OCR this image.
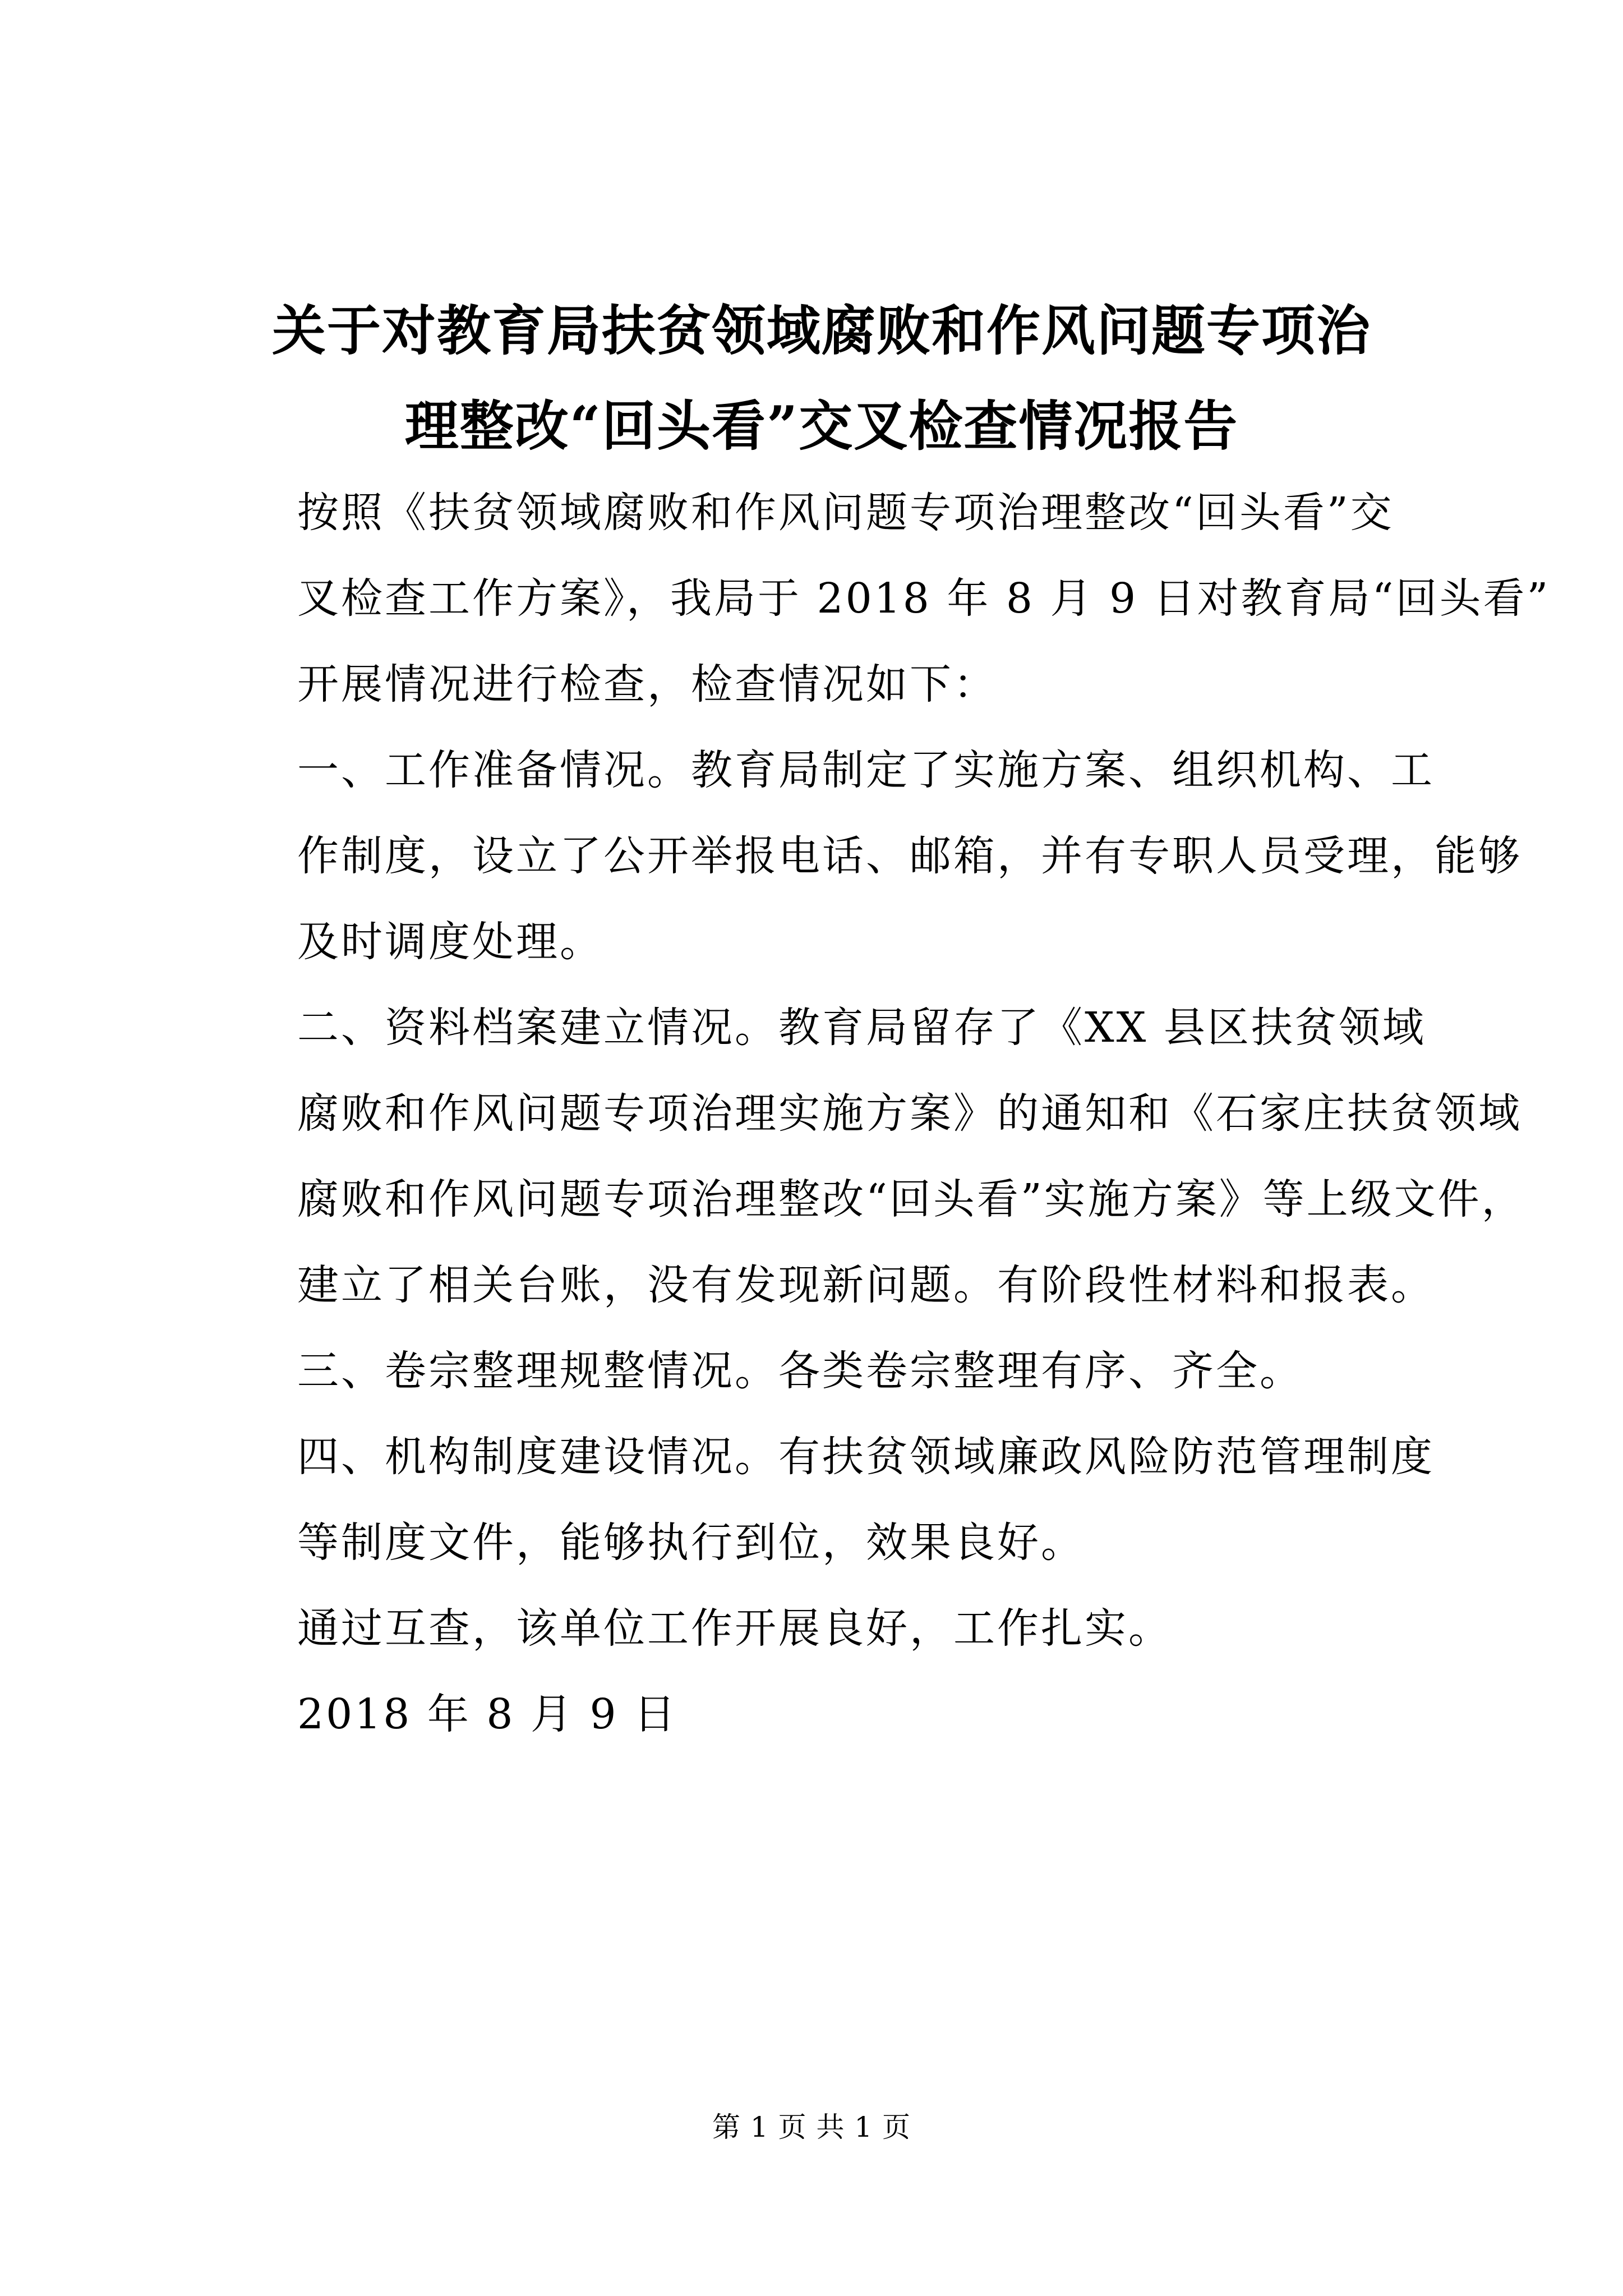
关于对教育局扶贫领域腐败和作风问题专项治
理整改“回头看”交叉检查情况报告

按照《扶贫领域腐败和作风问题专项治理整改“回头看”交
叉检查工作方案》，我局于 2018 年 8 月 9 日对教育局“回头看”
开展情况进行检查，检查情况如下：

一、工作准备情况。教育局制定了实施方案、组织机构、工
作制度，设立了公开举报电话、邮箱，并有专职人员受理，能够
及时调度处理。

二、资料档案建立情况。教育局留存了《XX 县区扶贫领域
腐败和作风问题专项治理实施方案》的通知和《石家庄扶贫领域
腐败和作风问题专项治理整改“回头看”实施方案》等上级文件，
建立了相关台账，没有发现新问题。有阶段性材料和报表。

三、卷宗整理规整情况。各类卷宗整理有序、齐全。

四、机构制度建设情况。有扶贫领域廉政风险防范管理制度
等制度文件，能够执行到位，效果良好。

通过互查，该单位工作开展良好，工作扎实。

2018 年 8 月 9 日

第 1 页 共 1 页
